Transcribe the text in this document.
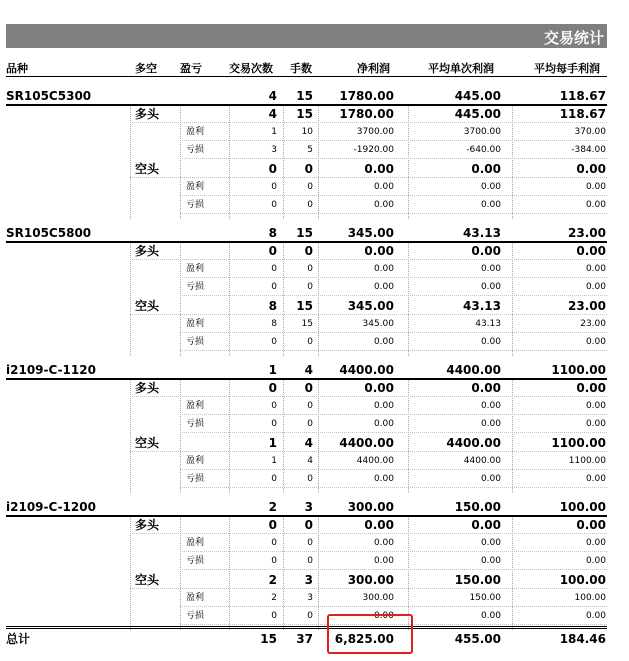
交易统计
品种	多空 盈亏 交易次数 手数	净利润	平均单次利润	平均每手利润
SR105C5300	4	15	1780.00	445.00	118.67
多头	4	15	1780.00	445.00	118.67
盈利	1	10	3700.00	3700.00	370.00
亏损	3	5	-1920.00	-640.00	-384.00
空头	0	0	0.00	0.00	0.00
盈利	0	0	0.00	0.00	0.00
亏损	0	0	0.00	0.00	0.00
SR105C5800	8	15	345.00	43.13	23.00
多头	0	0	0.00	0.00	0.00
盈利	0	0	0.00	0.00	0.00
亏损	0	0	0.00	0.00	0.00
空头	8	15	345.00	43.13	23.00
盈利	8	15	345.00	43.13	23.00
亏损	0	0	0.00	0.00	0.00
i2109-C-1120	1	4	4400.00	4400.00	1100.00
多头	0	0	0.00	0.00	0.00
盈利	0	0	0.00	0.00	0.00
亏损	0	0	0.00	0.00	0.00
空头	1	4	4400.00	4400.00	1100.00
盈利	1	4	4400.00	4400.00	1100.00
亏损	0	0	0.00	0.00	0.00
i2109-C-1200	2	3	300.00	150.00	100.00
多头	0	0	0.00	0.00	0.00
盈利	0	0	0.00	0.00	0.00
亏损	0	0	0.00	0.00	0.00
空头	2	3	300.00	150.00	100.00
盈利	2	3	300.00	150.00	100.00
亏损	0	0	0.00	0.00	0.00
总计	15	37	6,825.00	455.00	184.46
